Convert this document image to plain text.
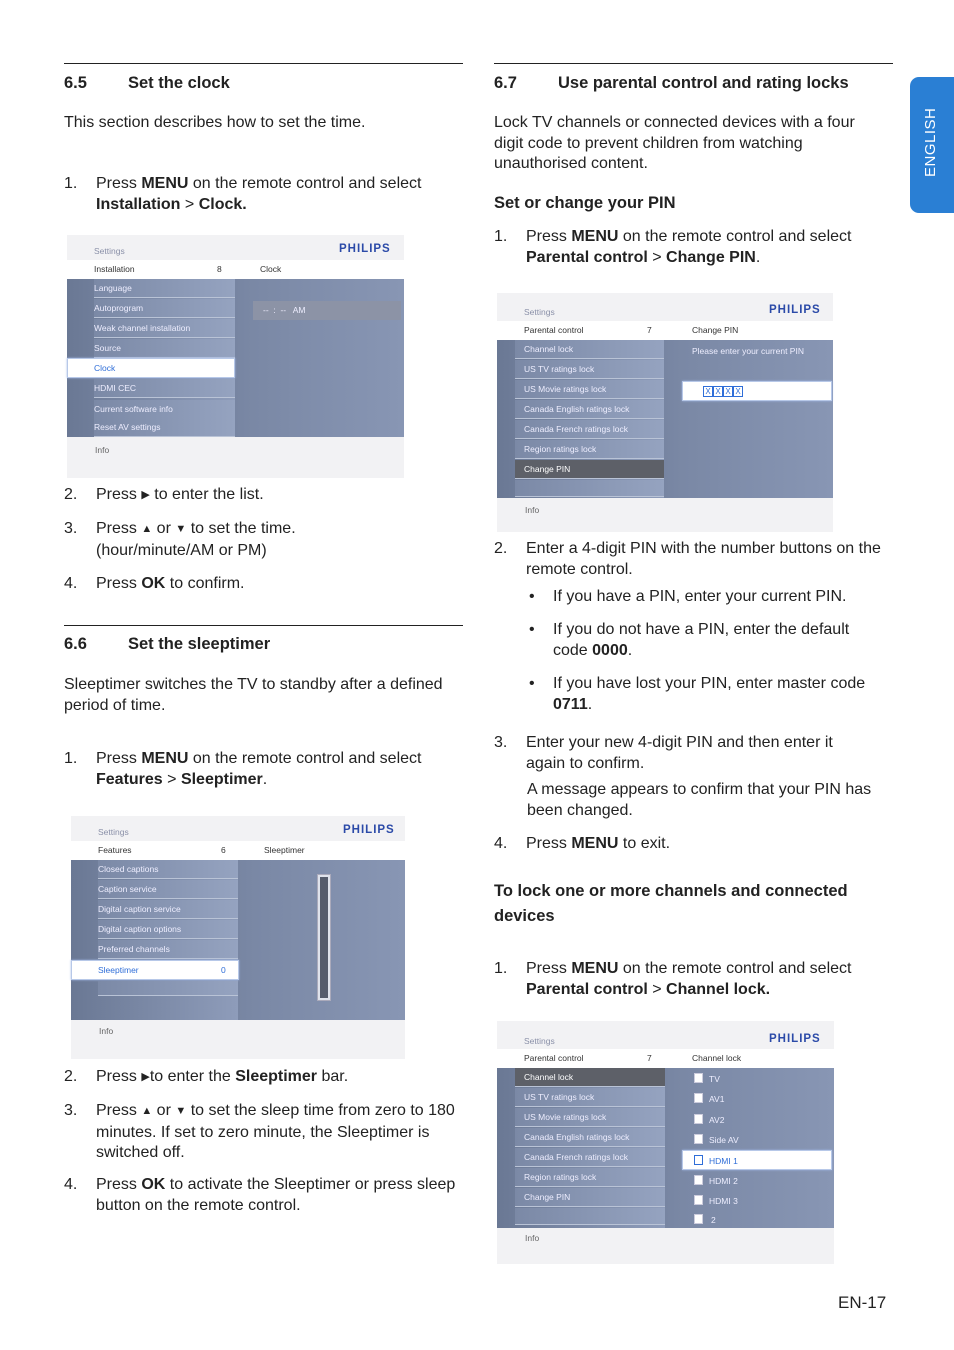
ENGLISH
6.5 Set the clock
This section describes how to set the time.
1. Press MENU on the remote control and select Installation > Clock.
Settings	PHILIPS
Installation	8	Clock
Language
Autoprogram
Weak channel installation
Source
Clock
HDMI CEC
Current software info
Reset AV settings
--  :  --   AM
Info
2. Press ▶ to enter the list.
3. Press ▲ or ▼ to set the time.
(hour/minute/AM or PM)
4. Press OK to confirm.
6.6 Set the sleeptimer
Sleeptimer switches the TV to standby after a defined period of time.
1. Press MENU on the remote control and select Features > Sleeptimer.
Settings	PHILIPS
Features	6	Sleeptimer
Closed captions
Caption service
Digital caption service
Digital caption options
Preferred channels
Sleeptimer	0
Info
2. Press ▶to enter the Sleeptimer bar.
3. Press ▲ or ▼ to set the sleep time from zero to 180 minutes. If set to zero minute, the Sleeptimer is switched off.
4. Press OK to activate the Sleeptimer or press sleep button on the remote control.
6.7 Use parental control and rating locks
Lock TV channels or connected devices with a four digit code to prevent children from watching unauthorised content.
Set or change your PIN
1. Press MENU on the remote control and select Parental control > Change PIN.
Settings	PHILIPS
Parental control	7	Change PIN
Channel lock
US TV ratings lock
US Movie ratings lock
Canada English ratings lock
Canada French ratings lock
Region ratings lock
Change PIN
Please enter your current PIN
X X X X
Info
2. Enter a 4-digit PIN with the number buttons on the remote control.
• If you have a PIN, enter your current PIN.
• If you do not have a PIN, enter the default code 0000.
• If you have lost your PIN, enter master code 0711.
3. Enter your new 4-digit PIN and then enter it again to confirm.
A message appears to confirm that your PIN has been changed.
4. Press MENU to exit.
To lock one or more channels and connected devices
1. Press MENU on the remote control and select Parental control > Channel lock.
Settings	PHILIPS
Parental control	7	Channel lock
Channel lock
US TV ratings lock
US Movie ratings lock
Canada English ratings lock
Canada French ratings lock
Region ratings lock
Change PIN
TV
AV1
AV2
Side AV
HDMI 1
HDMI 2
HDMI 3
2
Info
EN-17
